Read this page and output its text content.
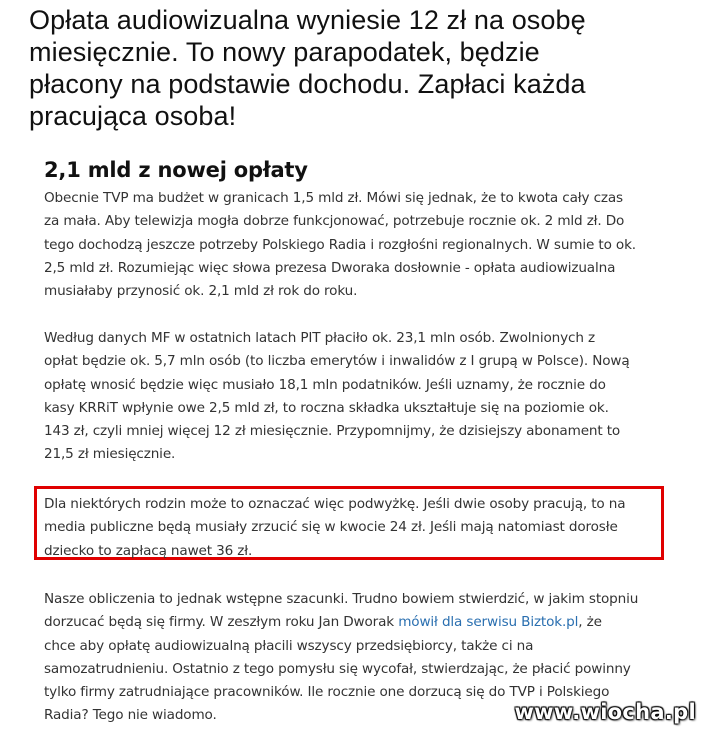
Opłata audiowizualna wyniesie 12 zł na osobę
miesięcznie. To nowy parapodatek, będzie
płacony na podstawie dochodu. Zapłaci każda
pracująca osoba!
2,1 mld z nowej opłaty

Obecnie TVP ma budżet w granicach 1,5 mld zł. Mówi się jednak, że to kwota cały czas
za mała. Aby telewizja mogła dobrze funkcjonować, potrzebuje rocznie ok. 2 mld zł. Do
tego dochodzą jeszcze potrzeby Polskiego Radia i rozgłośni regionalnych. W sumie to ok.
2,5 mld zł. Rozumiejąc więc słowa prezesa Dworaka dosłownie - opłata audiowizualna
musiałaby przynosić ok. 2,1 mld zł rok do roku.

Według danych MF w ostatnich latach PIT płaciło ok. 23,1 mln osób. Zwolnionych z
opłat będzie ok. 5,7 mln osób (to liczba emerytów i inwalidów z I grupą w Polsce). Nową
opłatę wnosić będzie więc musiało 18,1 mln podatników. Jeśli uznamy, że rocznie do
kasy KRRiT wpłynie owe 2,5 mld zł, to roczna składka ukształtuje się na poziomie ok.
143 zł, czyli mniej więcej 12 zł miesięcznie. Przypomnijmy, że dzisiejszy abonament to
21,5 zł miesięcznie.

Dla niektórych rodzin może to oznaczać więc podwyżkę. Jeśli dwie osoby pracują, to na
media publiczne będą musiały zrzucić się w kwocie 24 zł. Jeśli mają natomiast dorosłe
dziecko to zapłacą nawet 36 zł.

Nasze obliczenia to jednak wstępne szacunki. Trudno bowiem stwierdzić, w jakim stopniu
dorzucać będą się firmy. W zeszłym roku Jan Dworak mówił dla serwisu Biztok.pl, że
chce aby opłatę audiowizualną płacili wszyscy przedsiębiorcy, także ci na
samozatrudnieniu. Ostatnio z tego pomysłu się wycofał, stwierdzając, że płacić powinny
tylko firmy zatrudniające pracowników. Ile rocznie one dorzucą się do TVP i Polskiego
Radia? Tego nie wiadomo.	www.wiocha.pl
